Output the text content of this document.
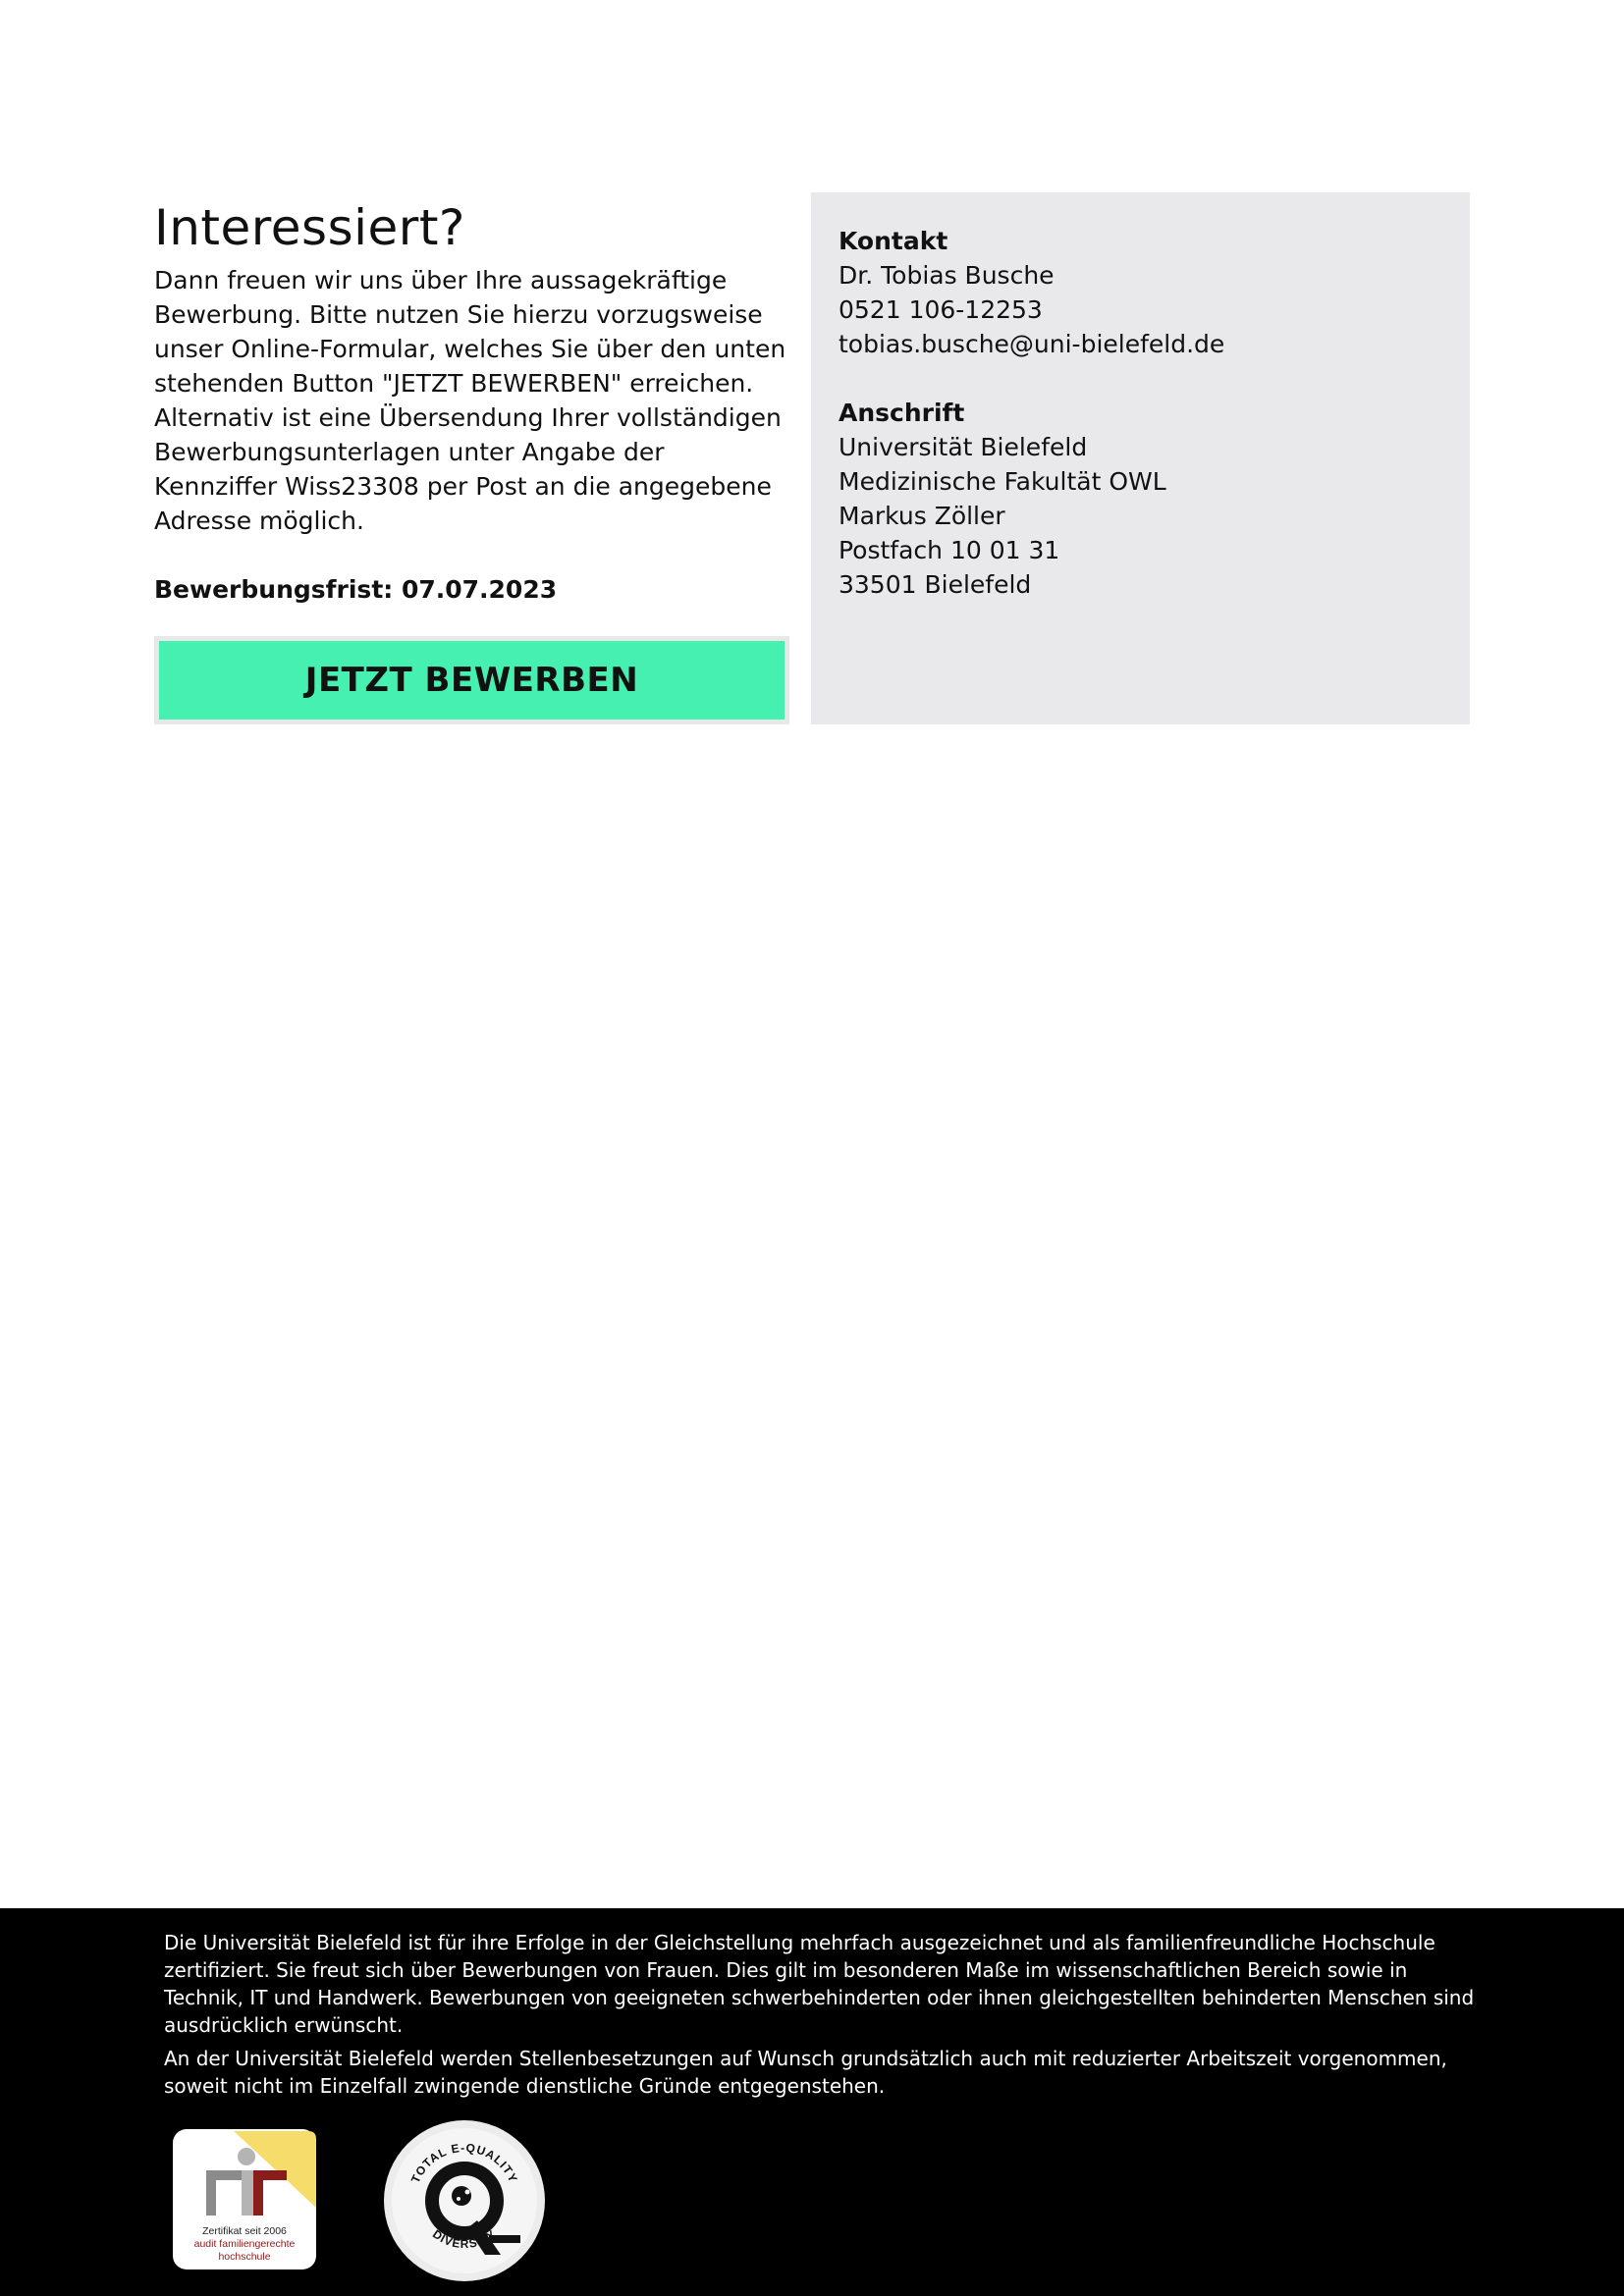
Interessiert?

Dann freuen wir uns über Ihre aussagekräftige Bewerbung. Bitte nutzen Sie hierzu vorzugsweise unser Online-Formular, welches Sie über den unten stehenden Button "JETZT BEWERBEN" erreichen. Alternativ ist eine Übersendung Ihrer vollständigen Bewerbungsunterlagen unter Angabe der Kennziffer Wiss23308 per Post an die angegebene Adresse möglich.

Bewerbungsfrist: 07.07.2023
JETZT BEWERBEN
Kontakt
Dr. Tobias Busche
0521 106-12253
tobias.busche@uni-bielefeld.de
Anschrift
Universität Bielefeld
Medizinische Fakultät OWL
Markus Zöller
Postfach 10 01 31
33501 Bielefeld

Die Universität Bielefeld ist für ihre Erfolge in der Gleichstellung mehrfach ausgezeichnet und als familienfreundliche Hochschule zertifiziert. Sie freut sich über Bewerbungen von Frauen. Dies gilt im besonderen Maße im wissenschaftlichen Bereich sowie in Technik, IT und Handwerk. Bewerbungen von geeigneten schwerbehinderten oder ihnen gleichgestellten behinderten Menschen sind ausdrücklich erwünscht.

An der Universität Bielefeld werden Stellenbesetzungen auf Wunsch grundsätzlich auch mit reduzierter Arbeitszeit vorgenommen, soweit nicht im Einzelfall zwingende dienstliche Gründe entgegenstehen.

Zertifikat seit 2006
audit familiengerechte
hochschule
TOTAL E-QUALITY
DIVERSITY
